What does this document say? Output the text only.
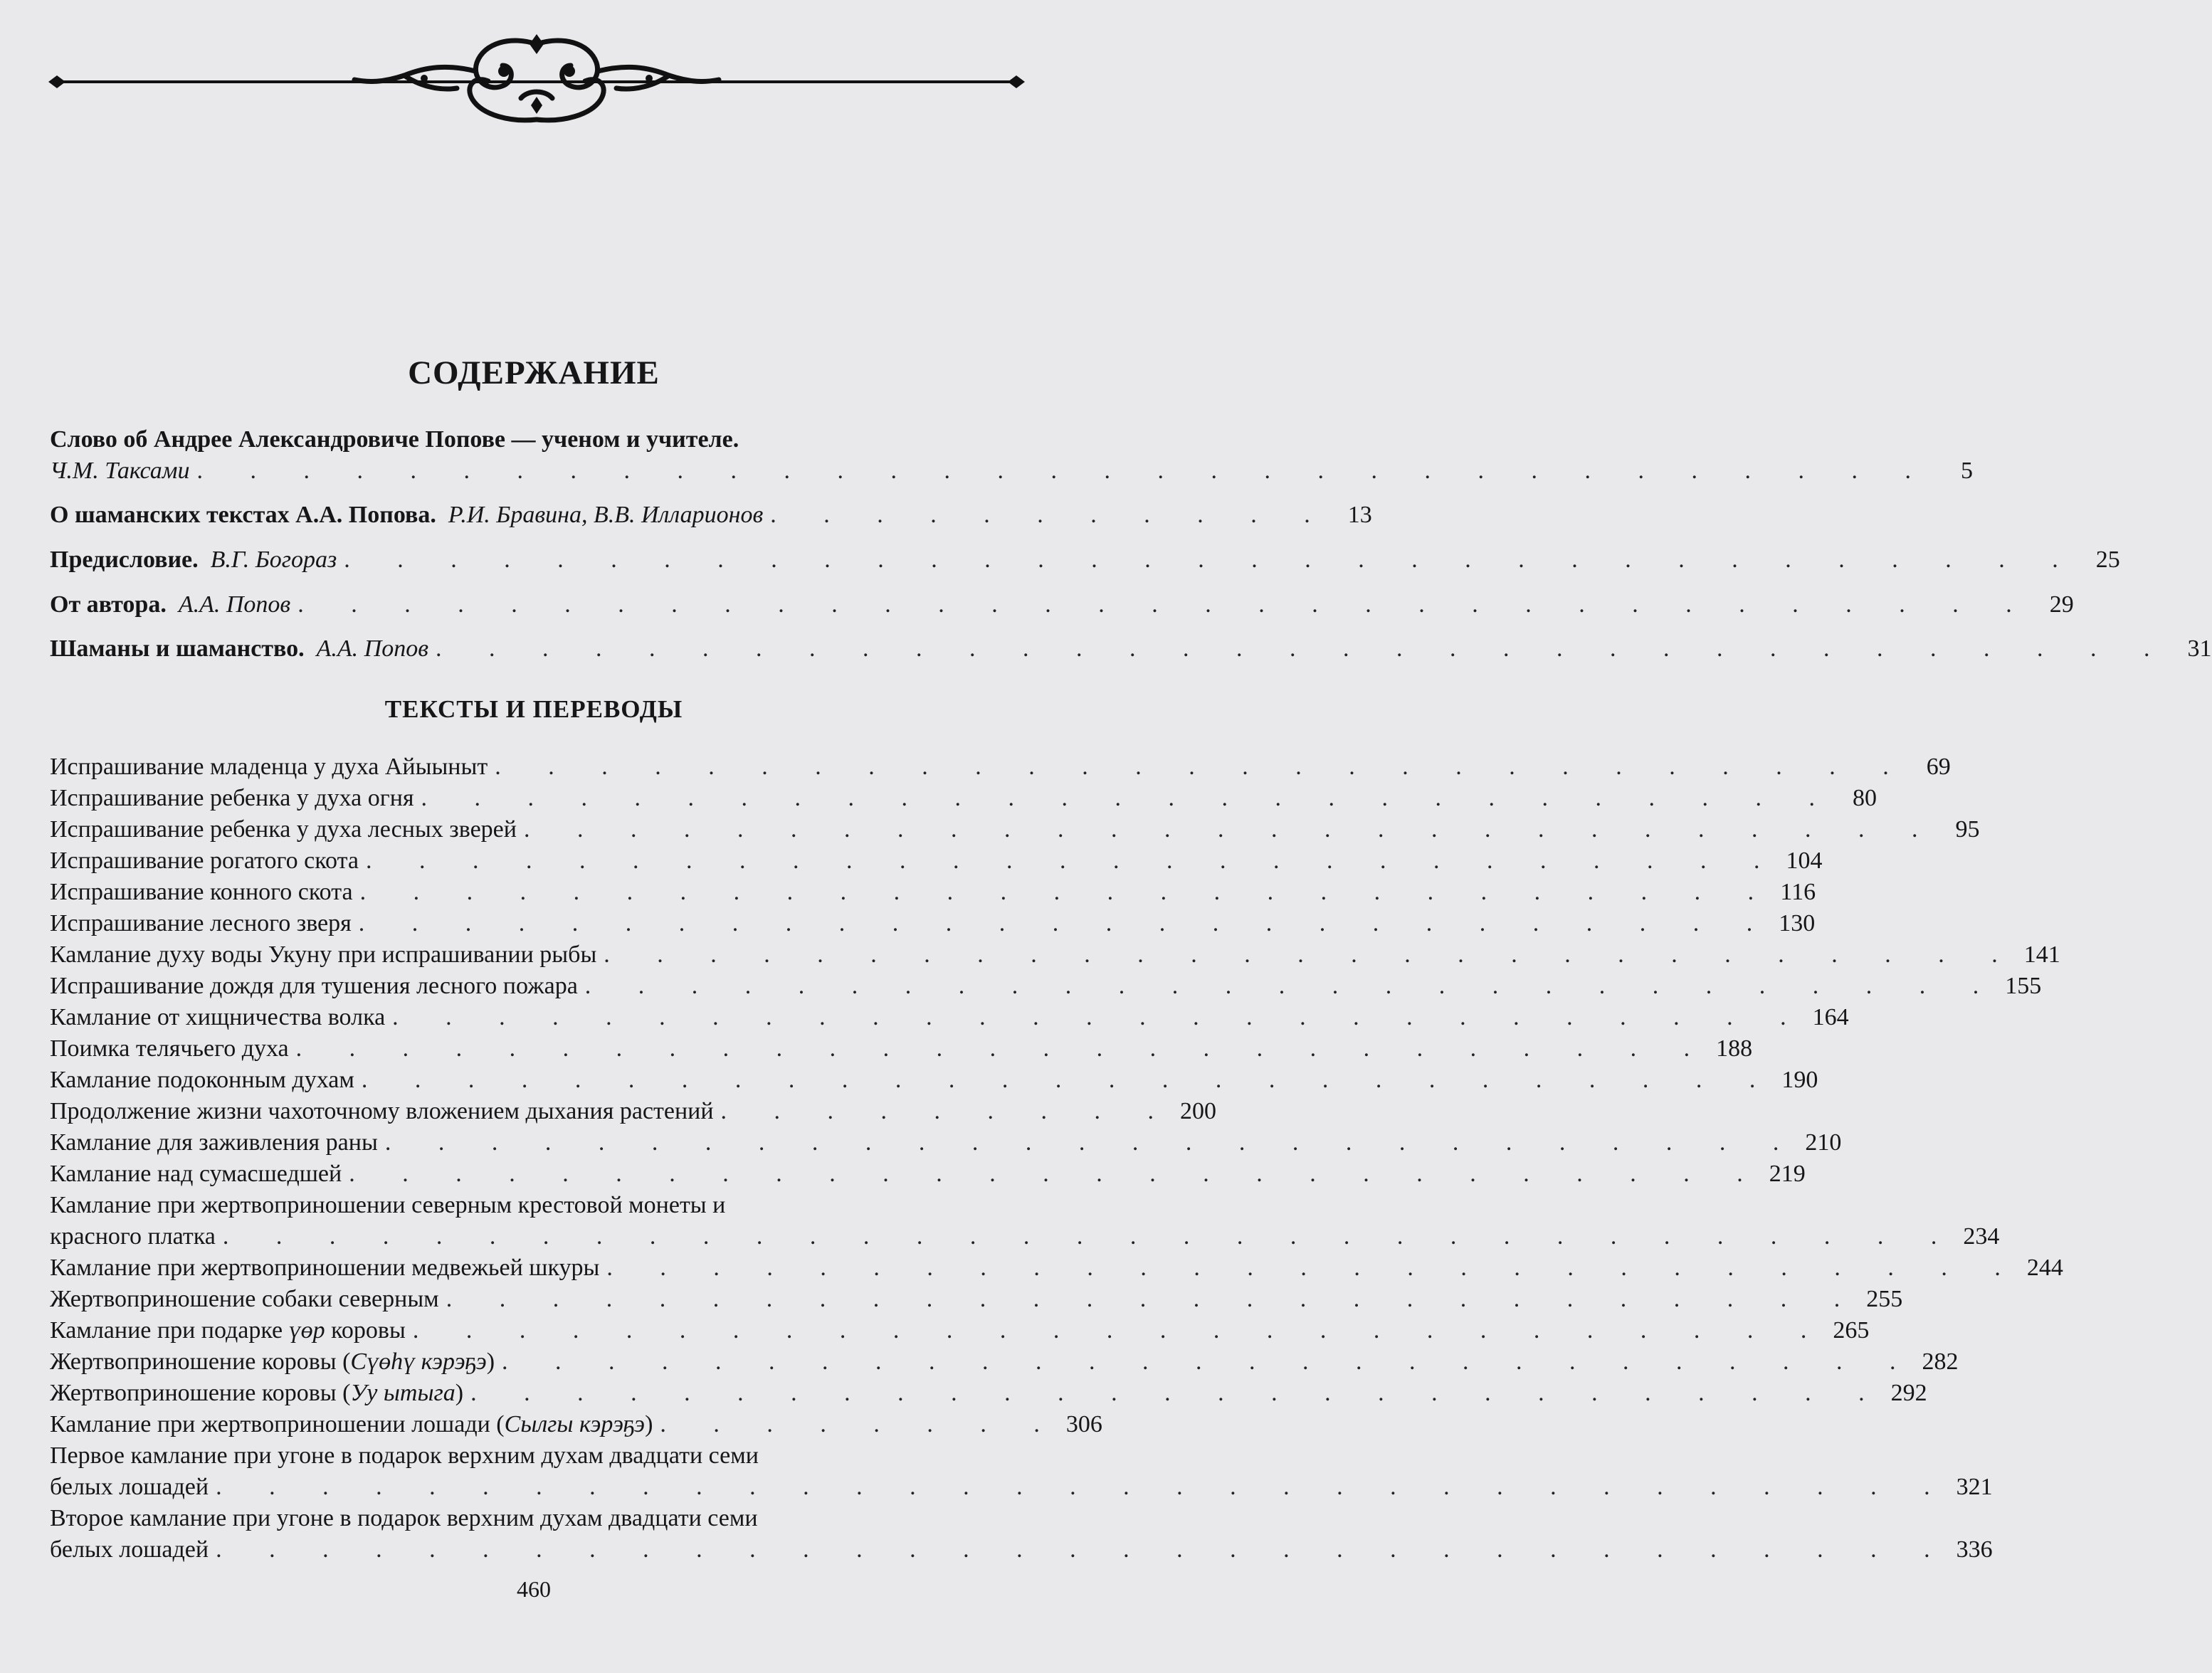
СОДЕРЖАНИЕ
Слово об Андрее Александровиче Попове — ученом и учителе.
Ч.М. Таксами . . . . . . . . . . . . . . . . . . . . . . . . . . . . . . . . .	5
О шаманских текстах А.А. Попова. Р.И. Бравина, В.В. Илларионов . . . . . . . . . . . 13
Предисловие. В.Г. Богораз . . . . . . . . . . . . . . . . . . . . . . . . . . . . . . . . . 25
От автора. А.А. Попов . . . . . . . . . . . . . . . . . . . . . . . . . . . . . . . . . 29
Шаманы и шаманство. А.А. Попов . . . . . . . . . . . . . . . . . . . . . . . . . . . . . . . . . 31
ТЕКСТЫ И ПЕРЕВОДЫ
Испрашивание младенца у духа Айыыныт . . . . . . . . . . . . . . . . . . . . . . . . . . . 69
Испрашивание ребенка у духа огня . . . . . . . . . . . . . . . . . . . . . . . . . . . 80
Испрашивание ребенка у духа лесных зверей . . . . . . . . . . . . . . . . . . . . . . . . . . . 95
Испрашивание рогатого скота . . . . . . . . . . . . . . . . . . . . . . . . . . . 104
Испрашивание конного скота . . . . . . . . . . . . . . . . . . . . . . . . . . . 116
Испрашивание лесного зверя . . . . . . . . . . . . . . . . . . . . . . . . . . . 130
Камлание духу воды Укуну при испрашивании рыбы . . . . . . . . . . . . . . . . . . . . . . . . . . . 141
Испрашивание дождя для тушения лесного пожара . . . . . . . . . . . . . . . . . . . . . . . . . . . 155
Камлание от хищничества волка . . . . . . . . . . . . . . . . . . . . . . . . . . . 164
Поимка телячьего духа . . . . . . . . . . . . . . . . . . . . . . . . . . . 188
Камлание подоконным духам . . . . . . . . . . . . . . . . . . . . . . . . . . . 190
Продолжение жизни чахоточному вложением дыхания растений . . . . . . . . . 200
Камлание для заживления раны . . . . . . . . . . . . . . . . . . . . . . . . . . . 210
Камлание над сумасшедшей . . . . . . . . . . . . . . . . . . . . . . . . . . . 219
Камлание при жертвоприношении северным крестовой монеты и
красного платка . . . . . . . . . . . . . . . . . . . . . . . . . . . . . . . . . 234
Камлание при жертвоприношении медвежьей шкуры . . . . . . . . . . . . . . . . . . . . . . . . . . . 244
Жертвоприношение собаки северным . . . . . . . . . . . . . . . . . . . . . . . . . . . 255
Камлание при подарке үөр коровы . . . . . . . . . . . . . . . . . . . . . . . . . . . 265
Жертвоприношение коровы (Сүөһү кэрэҕэ) . . . . . . . . . . . . . . . . . . . . . . . . . . . 282
Жертвоприношение коровы (Уу ытыга) . . . . . . . . . . . . . . . . . . . . . . . . . . . 292
Камлание при жертвоприношении лошади (Сылгы кэрэҕэ) . . . . . . . . 306
Первое камлание при угоне в подарок верхним духам двадцати семи
белых лошадей . . . . . . . . . . . . . . . . . . . . . . . . . . . . . . . . . 321
Второе камлание при угоне в подарок верхним духам двадцати семи
белых лошадей . . . . . . . . . . . . . . . . . . . . . . . . . . . . . . . . . 336
460
